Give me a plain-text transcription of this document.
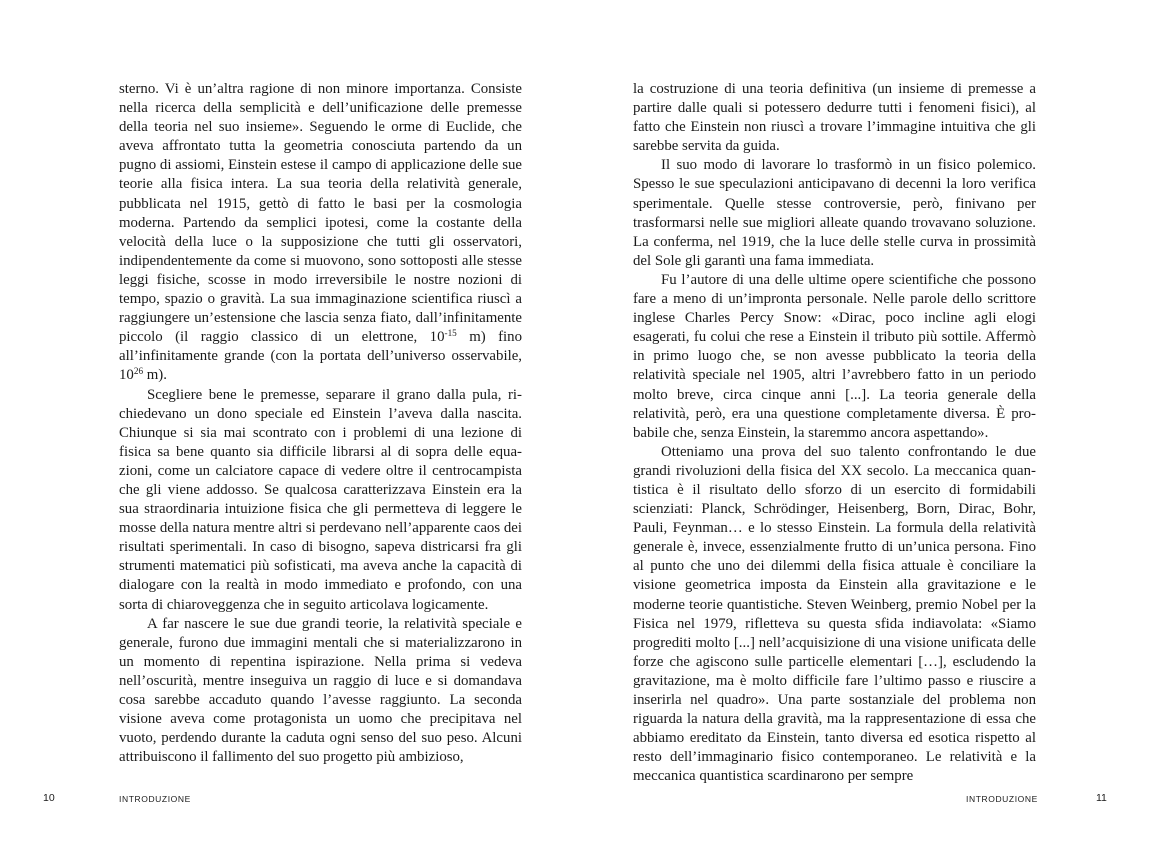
sterno. Vi è un’altra ragione di non minore importanza. Consiste nella ricerca della semplicità e dell’unificazione delle premesse della teoria nel suo insieme». Seguendo le orme di Euclide, che aveva affrontato tutta la geometria conosciuta partendo da un pugno di assiomi, Einstein estese il campo di applicazione delle sue teorie alla fisica intera. La sua teoria della relatività generale, pubblicata nel 1915, gettò di fatto le basi per la cosmologia moderna. Partendo da semplici ipotesi, come la costante della velocità della luce o la supposizione che tutti gli osservatori, indipendentemente da come si muovono, sono sottoposti alle stesse leggi fisiche, scosse in modo irreversibile le nostre nozioni di tempo, spazio o gravità. La sua immaginazione scientifica riuscì a raggiungere un’estensione che lascia senza fiato, dall’infinitamente piccolo (il raggio classico di un elettrone, $10^{-15}$ m) fino all’infinitamente grande (con la portata dell’universo osservabile, $10^{26}$ m).

Scegliere bene le premesse, separare il grano dalla pula, richiedevano un dono speciale ed Einstein l’aveva dalla nascita. Chiunque si sia mai scontrato con i problemi di una lezione di fisica sa bene quanto sia difficile librarsi al di sopra delle equazioni, come un calciatore capace di vedere oltre il centrocampista che gli viene addosso. Se qualcosa caratterizzava Einstein era la sua straordinaria intuizione fisica che gli permetteva di leggere le mosse della natura mentre altri si perdevano nell’apparente caos dei risultati sperimentali. In caso di bisogno, sapeva districarsi fra gli strumenti matematici più sofisticati, ma aveva anche la capacità di dialogare con la realtà in modo immediato e profondo, con una sorta di chiaroveggenza che in seguito articolava logicamente.

A far nascere le sue due grandi teorie, la relatività speciale e generale, furono due immagini mentali che si materializzarono in un momento di repentina ispirazione. Nella prima si vedeva nell’oscurità, mentre inseguiva un raggio di luce e si domandava cosa sarebbe accaduto quando l’avesse raggiunto. La seconda visione aveva come protagonista un uomo che precipitava nel vuoto, perdendo durante la caduta ogni senso del suo peso. Alcuni attribuiscono il fallimento del suo progetto più ambizioso,

10	INTRODUZIONE

la costruzione di una teoria definitiva (un insieme di premesse a partire dalle quali si potessero dedurre tutti i fenomeni fisici), al fatto che Einstein non riuscì a trovare l’immagine intuitiva che gli sarebbe servita da guida.

Il suo modo di lavorare lo trasformò in un fisico polemico. Spesso le sue speculazioni anticipavano di decenni la loro verifica sperimentale. Quelle stesse controversie, però, finivano per trasformarsi nelle sue migliori alleate quando trovavano soluzione. La conferma, nel 1919, che la luce delle stelle curva in prossimità del Sole gli garantì una fama immediata.

Fu l’autore di una delle ultime opere scientifiche che possono fare a meno di un’impronta personale. Nelle parole dello scrittore inglese Charles Percy Snow: «Dirac, poco incline agli elogi esagerati, fu colui che rese a Einstein il tributo più sottile. Affermò in primo luogo che, se non avesse pubblicato la teoria della relatività speciale nel 1905, altri l’avrebbero fatto in un periodo molto breve, circa cinque anni [...]. La teoria generale della relatività, però, era una questione completamente diversa. È probabile che, senza Einstein, la staremmo ancora aspettando».

Otteniamo una prova del suo talento confrontando le due grandi rivoluzioni della fisica del XX secolo. La meccanica quantistica è il risultato dello sforzo di un esercito di formidabili scienziati: Planck, Schrödinger, Heisenberg, Born, Dirac, Bohr, Pauli, Feynman… e lo stesso Einstein. La formula della relatività generale è, invece, essenzialmente frutto di un’unica persona. Fino al punto che uno dei dilemmi della fisica attuale è conciliare la visione geometrica imposta da Einstein alla gravitazione e le moderne teorie quantistiche. Steven Weinberg, premio Nobel per la Fisica nel 1979, rifletteva su questa sfida indiavolata: «Siamo progrediti molto [...] nell’acquisizione di una visione unificata delle forze che agiscono sulle particelle elementari […], escludendo la gravitazione, ma è molto difficile fare l’ultimo passo e riuscire a inserirla nel quadro». Una parte sostanziale del problema non riguarda la natura della gravità, ma la rappresentazione di essa che abbiamo ereditato da Einstein, tanto diversa ed esotica rispetto al resto dell’immaginario fisico contemporaneo. Le relatività e la meccanica quantistica scardinarono per sempre

INTRODUZIONE	11
